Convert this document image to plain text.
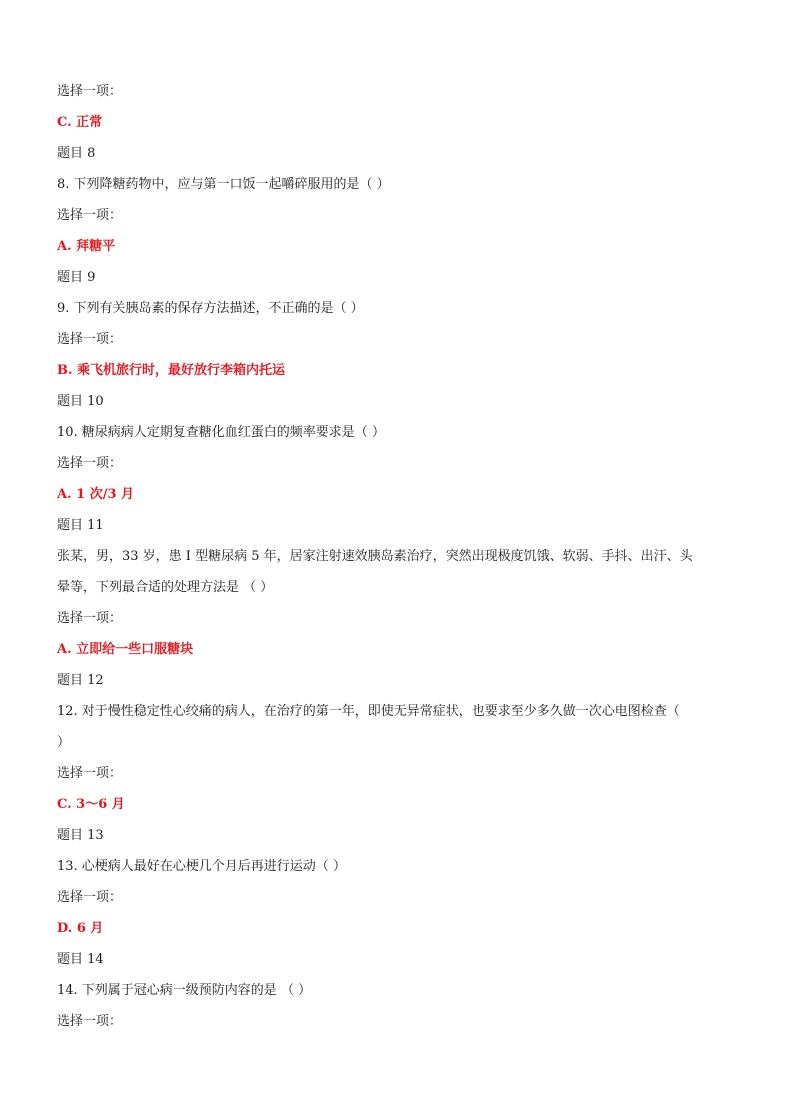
选择一项：
C. 正常
题目 8
8. 下列降糖药物中，应与第一口饭一起嚼碎服用的是（ ）
选择一项：
A. 拜糖平
题目 9
9. 下列有关胰岛素的保存方法描述，不正确的是（ ）
选择一项：
B. 乘飞机旅行时，最好放行李箱内托运
题目 10
10. 糖尿病病人定期复查糖化血红蛋白的频率要求是（ ）
选择一项：
A. 1 次/3 月
题目 11
张某，男，33 岁，患 I 型糖尿病 5 年，居家注射速效胰岛素治疗，突然出现极度饥饿、软弱、手抖、出汗、头
晕等，下列最合适的处理方法是 （ ）
选择一项：
A. 立即给一些口服糖块
题目 12
12. 对于慢性稳定性心绞痛的病人，在治疗的第一年，即使无异常症状，也要求至少多久做一次心电图检查（
）
选择一项：
C. 3～6 月
题目 13
13. 心梗病人最好在心梗几个月后再进行运动（ ）
选择一项：
D. 6 月
题目 14
14. 下列属于冠心病一级预防内容的是 （ ）
选择一项：
